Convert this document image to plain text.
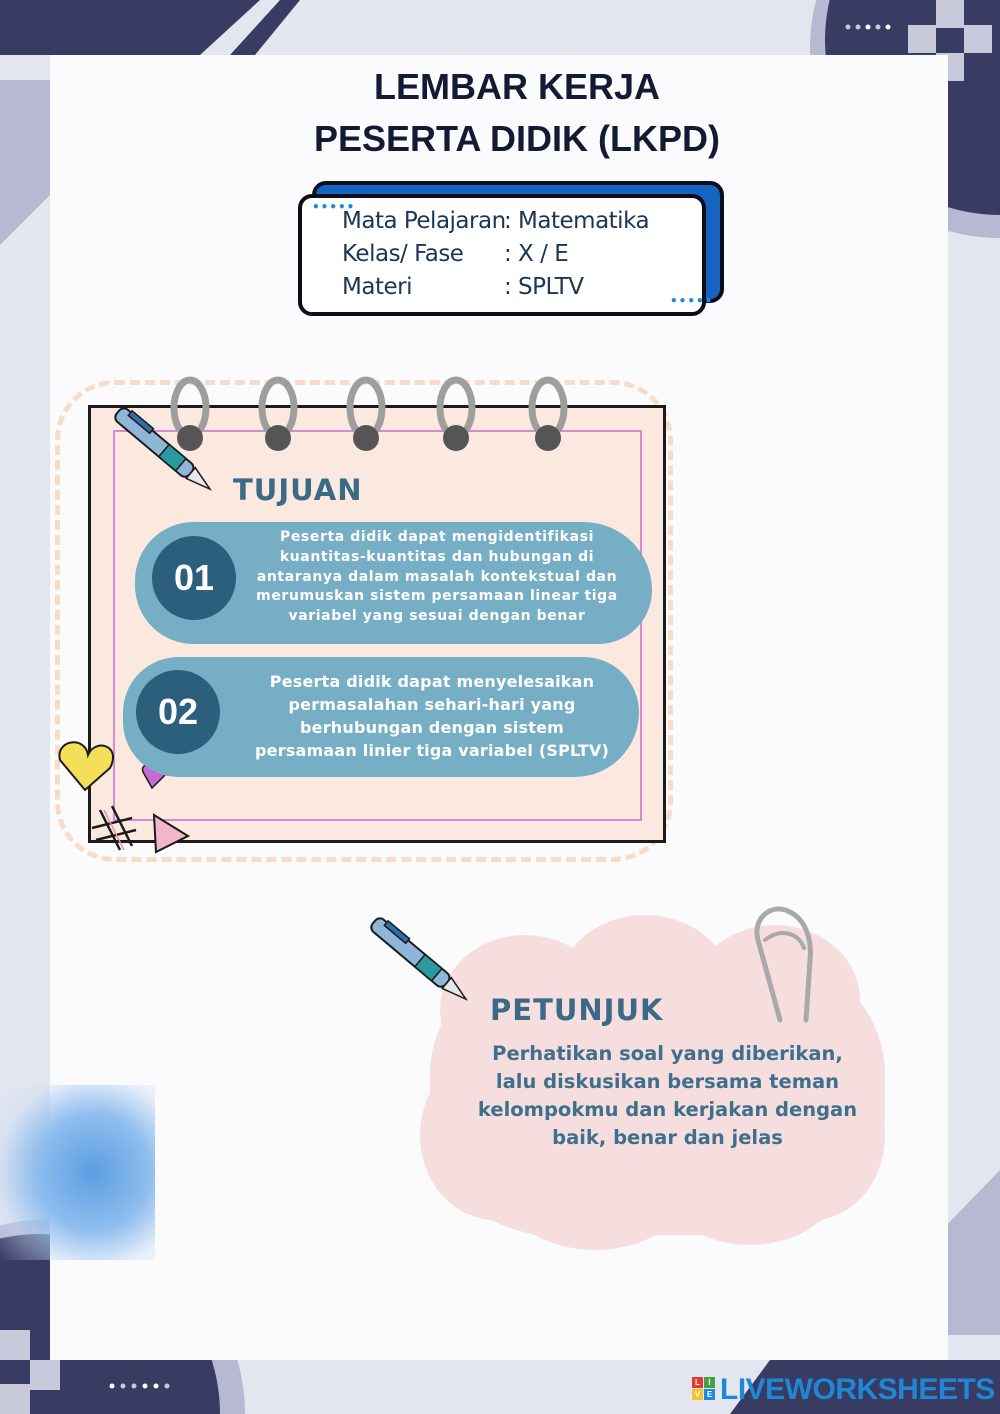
LEMBAR KERJA
PESERTA DIDIK (LKPD)
•••••
•••••
Mata Pelajaran: Matematika
Kelas/ Fase : X / E
Materi	: SPLTV
TUJUAN
01
Peserta didik dapat mengidentifikasi kuantitas-kuantitas dan hubungan di antaranya dalam masalah kontekstual dan merumuskan sistem persamaan linear tiga variabel yang sesuai dengan benar
02
Peserta didik dapat menyelesaikan permasalahan sehari-hari yang berhubungan dengan sistem persamaan linier tiga variabel (SPLTV)
PETUNJUK
Perhatikan soal yang diberikan, lalu diskusikan bersama teman kelompokmu dan kerjakan dengan baik, benar dan jelas
L	I
V E LIVEWORKSHEETS
